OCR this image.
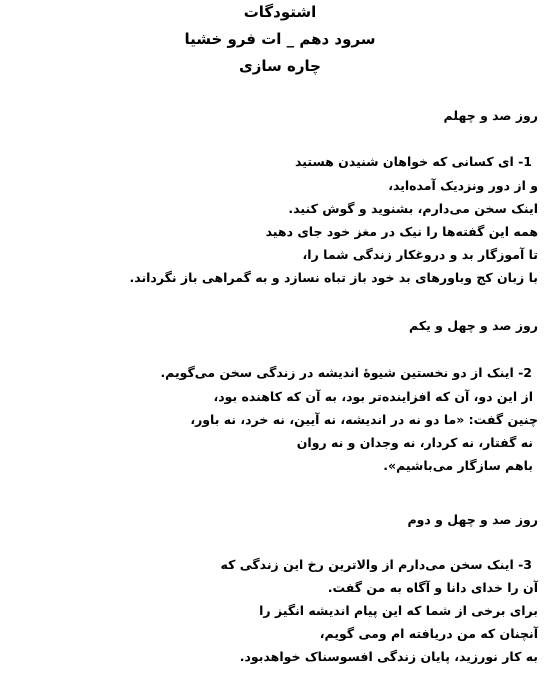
اشتودگات
سرود دهم _ ات فرو خشیا
چاره سازی
روز صد و چهلم
1- ای کسانی که خواهان شنیدن هستید
و از دور ونزدیک آمده‌اید،
اینک سخن می‌دارم، بشنوید و گوش کنید.
همه این گفته‌ها را نیک در مغز خود جای دهید
تا آموزگار بد و دروغکار زندگی شما را،
با زبان کج وباورهای بد خود باز تباه نسازد و به گمراهی باز نگرداند.
روز صد و چهل و یکم
2- اینک از دو نخستین شیوهٔ اندیشه در زندگی سخن می‌گویم.
از این دو، آن که افزاینده‌تر بود، به آن که کاهنده بود،
چنین گفت: «ما دو نه در اندیشه، نه آیین، نه خرد، نه باور،
نه گفتار، نه کردار، نه وجدان و نه روان
باهم سازگار می‌باشیم».
روز صد و چهل و دوم
3- اینک سخن می‌دارم از والاترین رخ این زندگی که
آن را خدای دانا و آگاه به من گفت.
برای برخی از شما که این پیام اندیشه انگیز را
آنچنان که من دریافته ام ومی گویم،
به کار نورزید، پایان زندگی افسوسناک خواهدبود.
